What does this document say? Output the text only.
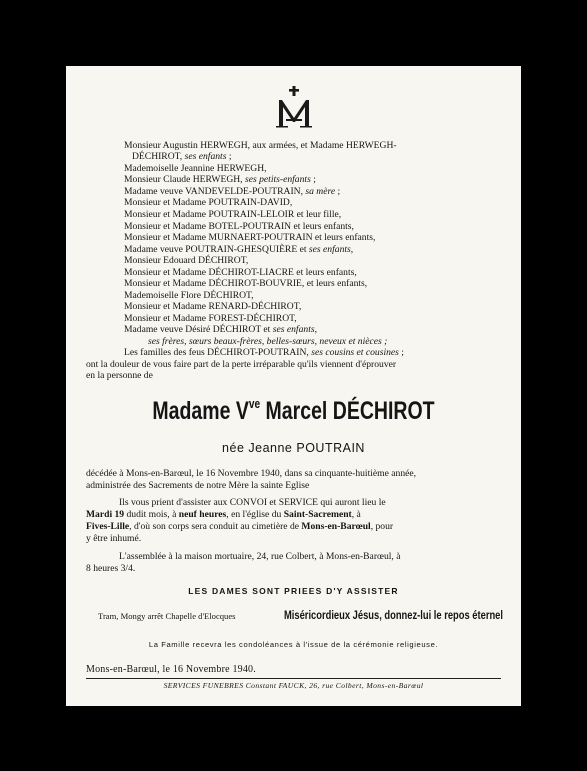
Monsieur Augustin HERWEGH, aux armées, et Madame HERWEGH-
DÉCHIROT, ses enfants ;
Mademoiselle Jeannine HERWEGH,
Monsieur Claude HERWEGH, ses petits-enfants ;
Madame veuve VANDEVELDE-POUTRAIN, sa mère ;
Monsieur et Madame POUTRAIN-DAVID,
Monsieur et Madame POUTRAIN-LELOIR et leur fille,
Monsieur et Madame BOTEL-POUTRAIN et leurs enfants,
Monsieur et Madame MURNAERT-POUTRAIN et leurs enfants,
Madame veuve POUTRAIN-GHESQUIÈRE et ses enfants,
Monsieur Edouard DÉCHIROT,
Monsieur et Madame DÉCHIROT-LIACRE et leurs enfants,
Monsieur et Madame DÉCHIROT-BOUVRIE, et leurs enfants,
Mademoiselle Flore DÉCHIROT,
Monsieur et Madame RENARD-DÉCHIROT,
Monsieur et Madame FOREST-DÉCHIROT,
Madame veuve Désiré DÉCHIROT et ses enfants,
ses frères, sœurs beaux-frères, belles-sœurs, neveux et nièces ;
Les familles des feus DÉCHIROT-POUTRAIN, ses cousins et cousines ;
ont la douleur de vous faire part de la perte irréparable qu'ils viennent d'éprouver
en la personne de
Madame $V^{ve}$ Marcel DÉCHIROT
née Jeanne POUTRAIN
décédée à Mons-en-Barœul, le 16 Novembre 1940, dans sa cinquante-huitième année,
administrée des Sacrements de notre Mère la sainte Eglise
Ils vous prient d'assister aux CONVOI et SERVICE qui auront lieu le
Mardi 19 dudit mois, à neuf heures, en l'église du Saint-Sacrement, à
Fives-Lille, d'où son corps sera conduit au cimetière de Mons-en-Barœul, pour
y être inhumé.
L'assemblée à la maison mortuaire, 24, rue Colbert, à Mons-en-Barœul, à
8 heures 3/4.
LES DAMES SONT PRIEES D'Y ASSISTER
Tram, Mongy arrêt Chapelle d'Elocques	Miséricordieux Jésus, donnez-lui le repos éternel
La Famille recevra les condoléances à l'issue de la cérémonie religieuse.
Mons-en-Barœul, le 16 Novembre 1940.
SERVICES FUNEBRES Constant FAUCK, 26, rue Colbert, Mons-en-Barœul
